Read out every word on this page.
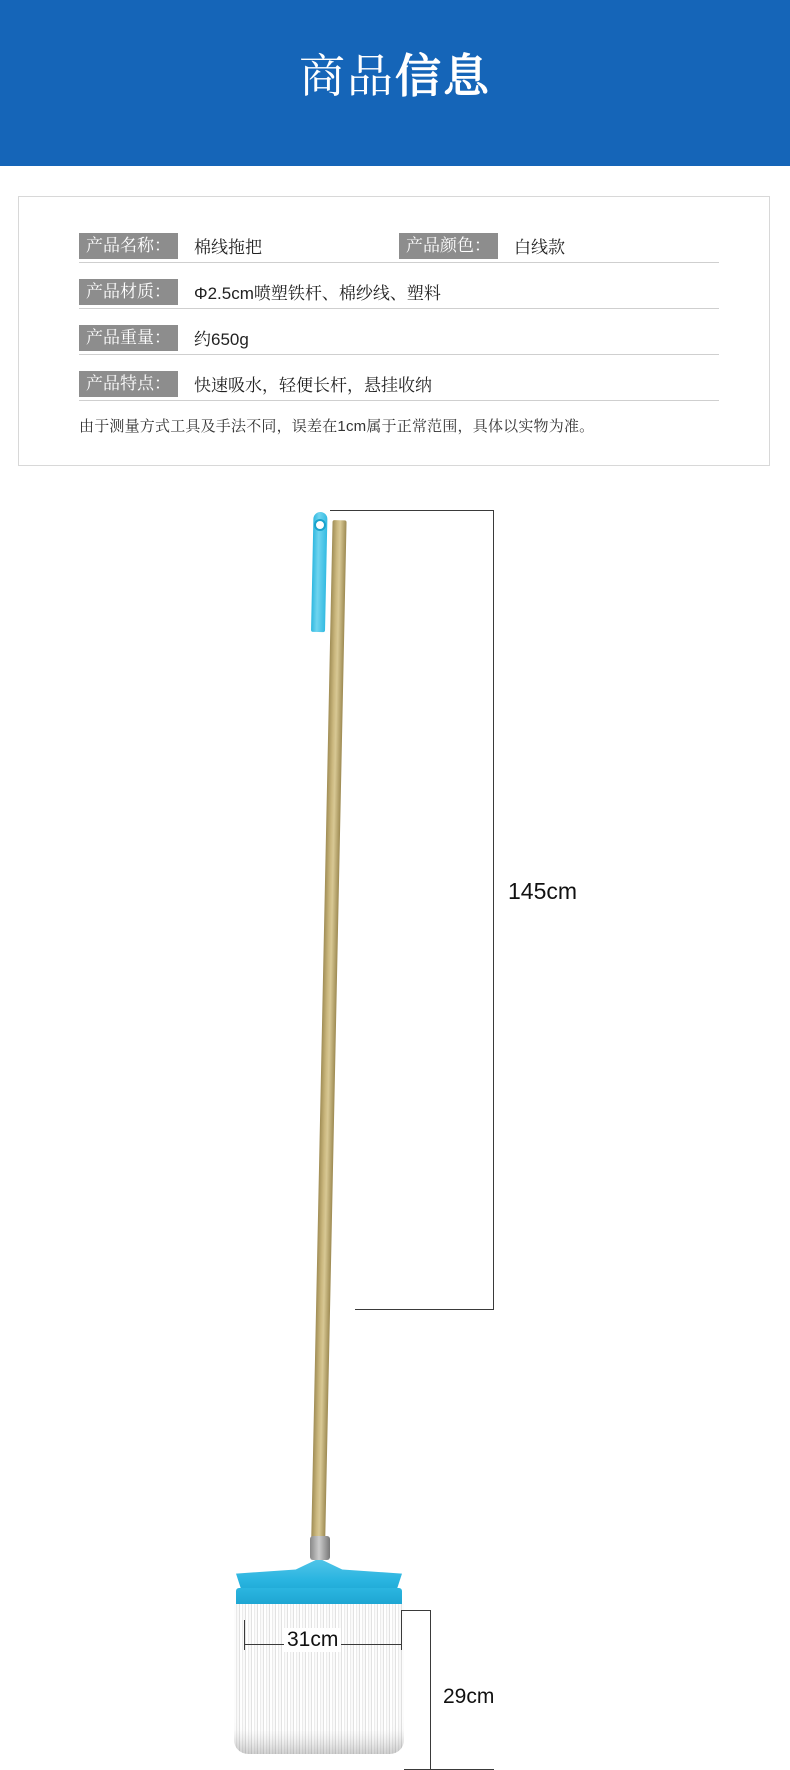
商品信息
产品名称：	棉线拖把	产品颜色：	白线款
产品材质：	Φ2.5cm喷塑铁杆、棉纱线、塑料
产品重量：	约650g
产品特点：	快速吸水，轻便长杆，悬挂收纳
由于测量方式工具及手法不同，误差在1cm属于正常范围，具体以实物为准。
145cm
31cm
29cm
